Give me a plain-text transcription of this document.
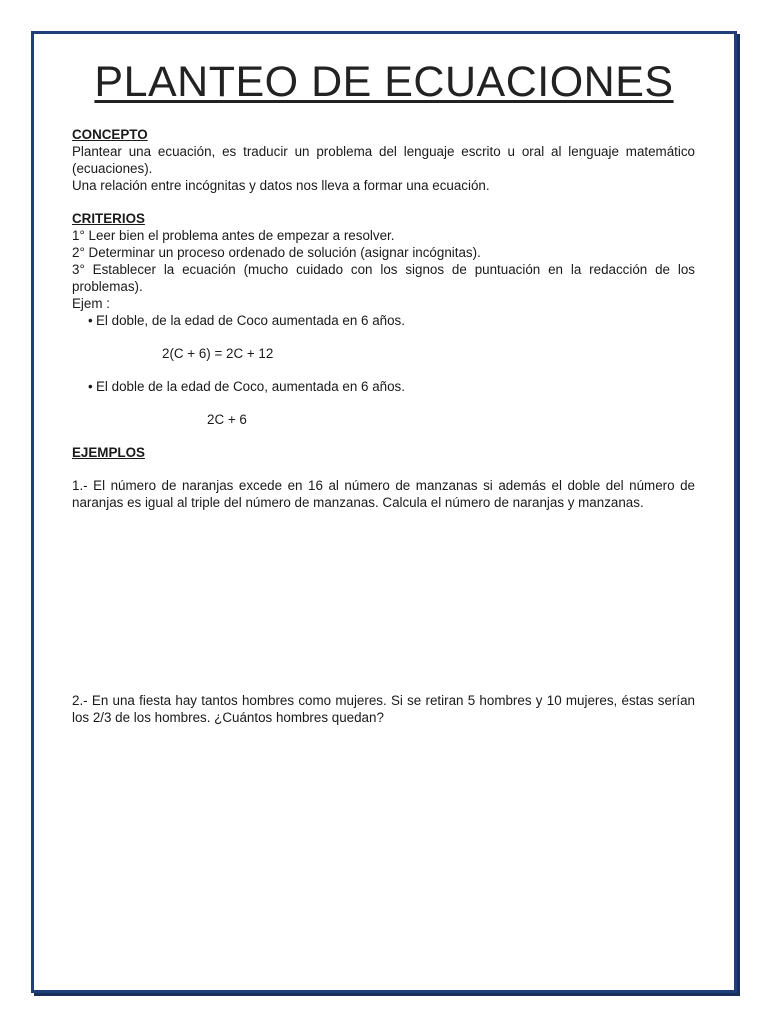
PLANTEO DE ECUACIONES
CONCEPTO

Plantear una ecuación, es traducir un problema del lenguaje escrito u oral al lenguaje matemático (ecuaciones).

Una relación entre incógnitas y datos nos lleva a formar una ecuación.

CRITERIOS

1° Leer bien el problema antes de empezar a resolver.

2° Determinar un proceso ordenado de solución (asignar incógnitas).

3° Establecer la ecuación (mucho cuidado con los signos de puntuación en la redacción de los problemas).

Ejem :

• El doble, de la edad de Coco aumentada en 6 años.
2(C + 6) = 2C + 12
• El doble de la edad de Coco, aumentada en 6 años.
2C + 6
EJEMPLOS

1.- El número de naranjas excede en 16 al número de manzanas si además el doble del número de naranjas es igual al triple del número de manzanas. Calcula el número de naranjas y manzanas.

2.- En una fiesta hay tantos hombres como mujeres. Si se retiran 5 hombres y 10 mujeres, éstas serían los 2/3 de los hombres. ¿Cuántos hombres quedan?
